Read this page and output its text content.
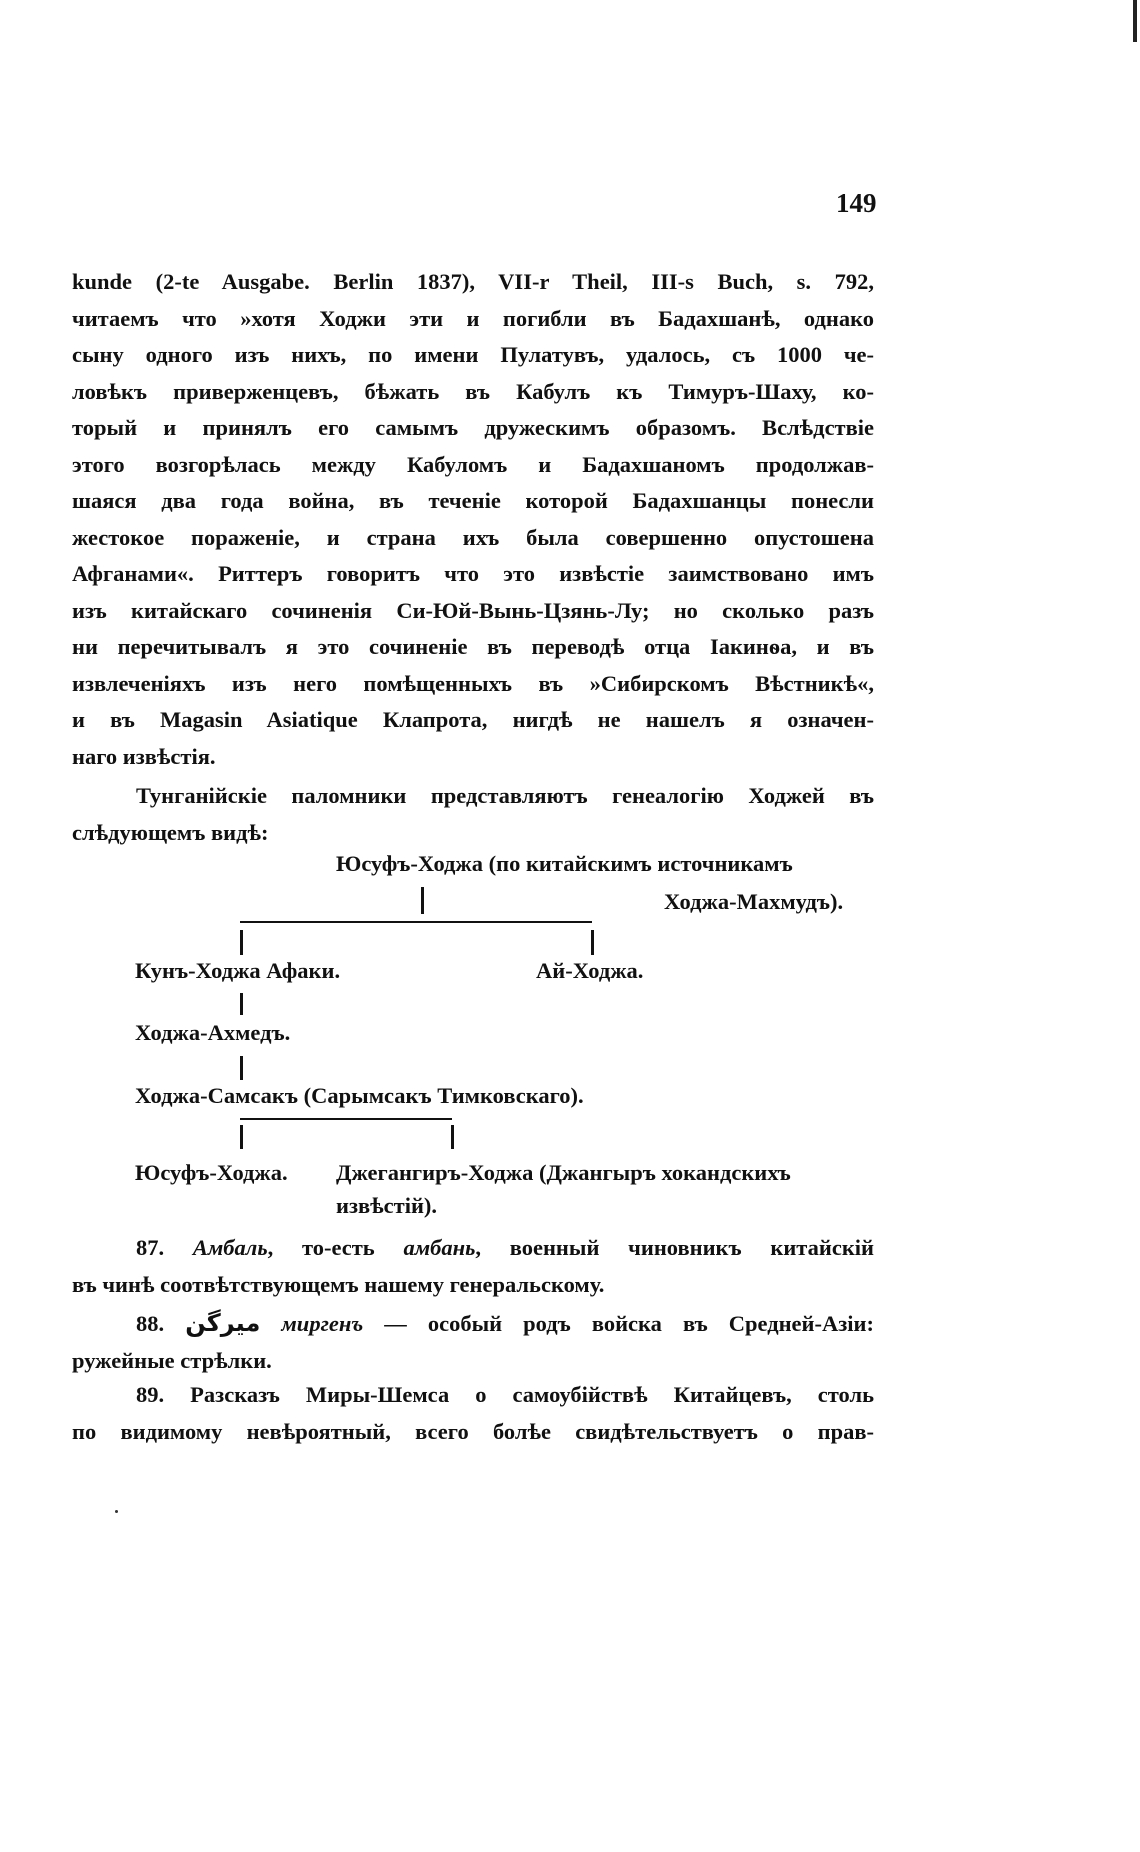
149
kunde (2-te Ausgabe. Berlin 1837), VII-r Theil, III-s Buch, s. 792,
читаемъ что »хотя Ходжи эти и погибли въ Бадахшанѣ, однако
сыну одного изъ нихъ, по имени Пулатувъ, удалось, съ 1000 че-
ловѣкъ приверженцевъ, бѣжать въ Кабулъ къ Тимуръ-Шаху, ко-
торый и принялъ его самымъ дружескимъ образомъ. Вслѣдствіе
этого возгорѣлась между Кабуломъ и Бадахшаномъ продолжав-
шаяся два года война, въ теченіе которой Бадахшанцы понесли
жестокое пораженіе, и страна ихъ была совершенно опустошена
Афганами«. Риттеръ говоритъ что это извѣстіе заимствовано имъ
изъ китайскаго сочиненія Си-Юй-Вынь-Цзянь-Лу; но сколько разъ
ни перечитывалъ я это сочиненіе въ переводѣ отца Іакинѳа, и въ
извлеченіяхъ изъ него помѣщенныхъ въ »Сибирскомъ Вѣстникѣ«,
и въ Magasin Asiatique Клапрота, нигдѣ не нашелъ я означен-
наго извѣстія.
Тунганійскіе паломники представляютъ генеалогію Ходжей въ
слѣдующемъ видѣ:
Юсуфъ-Ходжа (по китайскимъ источникамъ
Ходжа-Махмудъ).
Кунъ-Ходжа Афаки.	Ай-Ходжа.
Ходжа-Ахмедъ.
Ходжа-Самсакъ (Сарымсакъ Тимковскаго).
Юсуфъ-Ходжа. Джегангиръ-Ходжа (Джангыръ хокандскихъ
извѣстій).
87. Амбаль, то-есть амбань, военный чиновникъ китайскій
въ чинѣ соотвѣтствующемъ нашему генеральскому.
88. میرگن миргенъ — особый родъ войска въ Средней-Азіи:
ружейные стрѣлки.
89. Разсказъ Миры-Шемса о самоубійствѣ Китайцевъ, столь
по видимому невѣроятный, всего болѣе свидѣтельствуетъ о прав-
